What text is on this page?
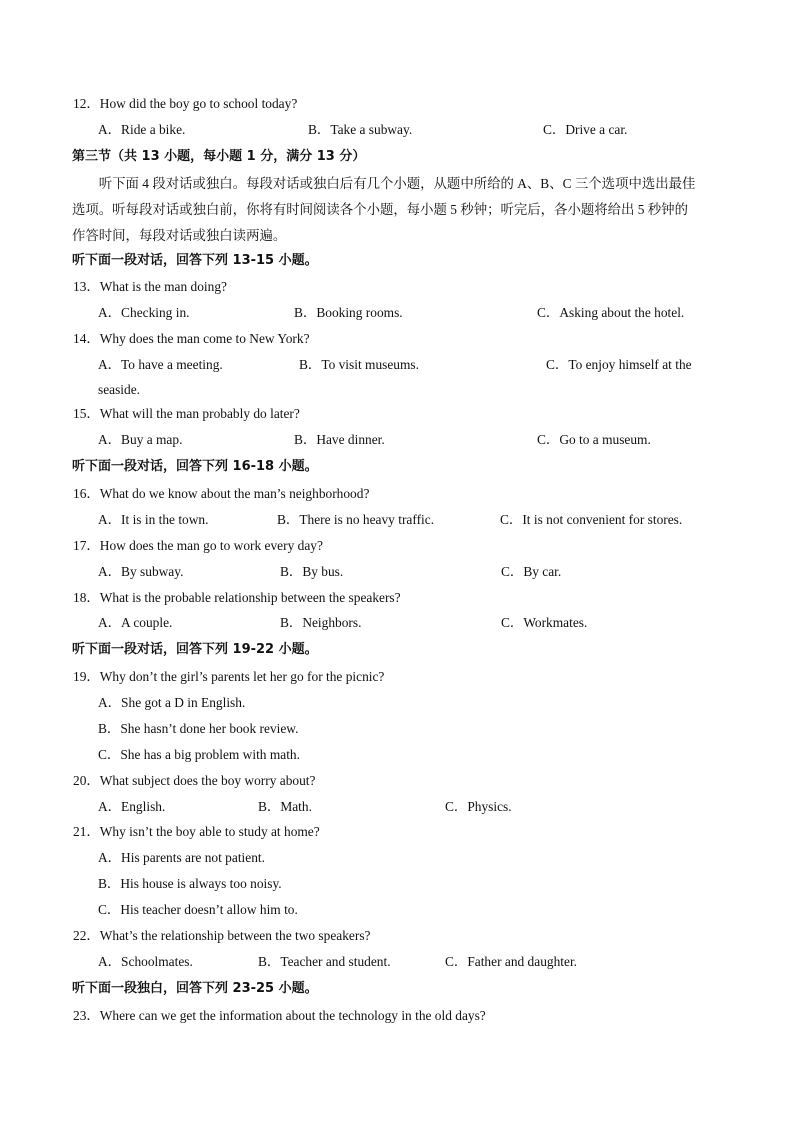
12．How did the boy go to school today?
A．Ride a bike.	B．Take a subway.	C．Drive a car.
第三节（共 13 小题，每小题 1 分，满分 13 分）
　　听下面 4 段对话或独白。每段对话或独白后有几个小题，从题中所给的 A、B、C 三个选项中选出最佳
选项。听每段对话或独白前，你将有时间阅读各个小题，每小题 5 秒钟；听完后，各小题将给出 5 秒钟的
作答时间，每段对话或独白读两遍。
听下面一段对话，回答下列 13-15 小题。
13．What is the man doing?
A．Checking in.	B．Booking rooms.	C．Asking about the hotel.
14．Why does the man come to New York?
A．To have a meeting.	B．To visit museums.	C．To enjoy himself at the
seaside.
15．What will the man probably do later?
A．Buy a map.	B．Have dinner.	C．Go to a museum.
听下面一段对话，回答下列 16-18 小题。
16．What do we know about the man’s neighborhood?
A．It is in the town.	B．There is no heavy traffic.	C．It is not convenient for stores.
17．How does the man go to work every day?
A．By subway.	B．By bus.	C．By car.
18．What is the probable relationship between the speakers?
A．A couple.	B．Neighbors.	C．Workmates.
听下面一段对话，回答下列 19-22 小题。
19．Why don’t the girl’s parents let her go for the picnic?
A．She got a D in English.
B．She hasn’t done her book review.
C．She has a big problem with math.
20．What subject does the boy worry about?
A．English.	B．Math.	C．Physics.
21．Why isn’t the boy able to study at home?
A．His parents are not patient.
B．His house is always too noisy.
C．His teacher doesn’t allow him to.
22．What’s the relationship between the two speakers?
A．Schoolmates.	B．Teacher and student.	C．Father and daughter.
听下面一段独白，回答下列 23-25 小题。
23．Where can we get the information about the technology in the old days?
